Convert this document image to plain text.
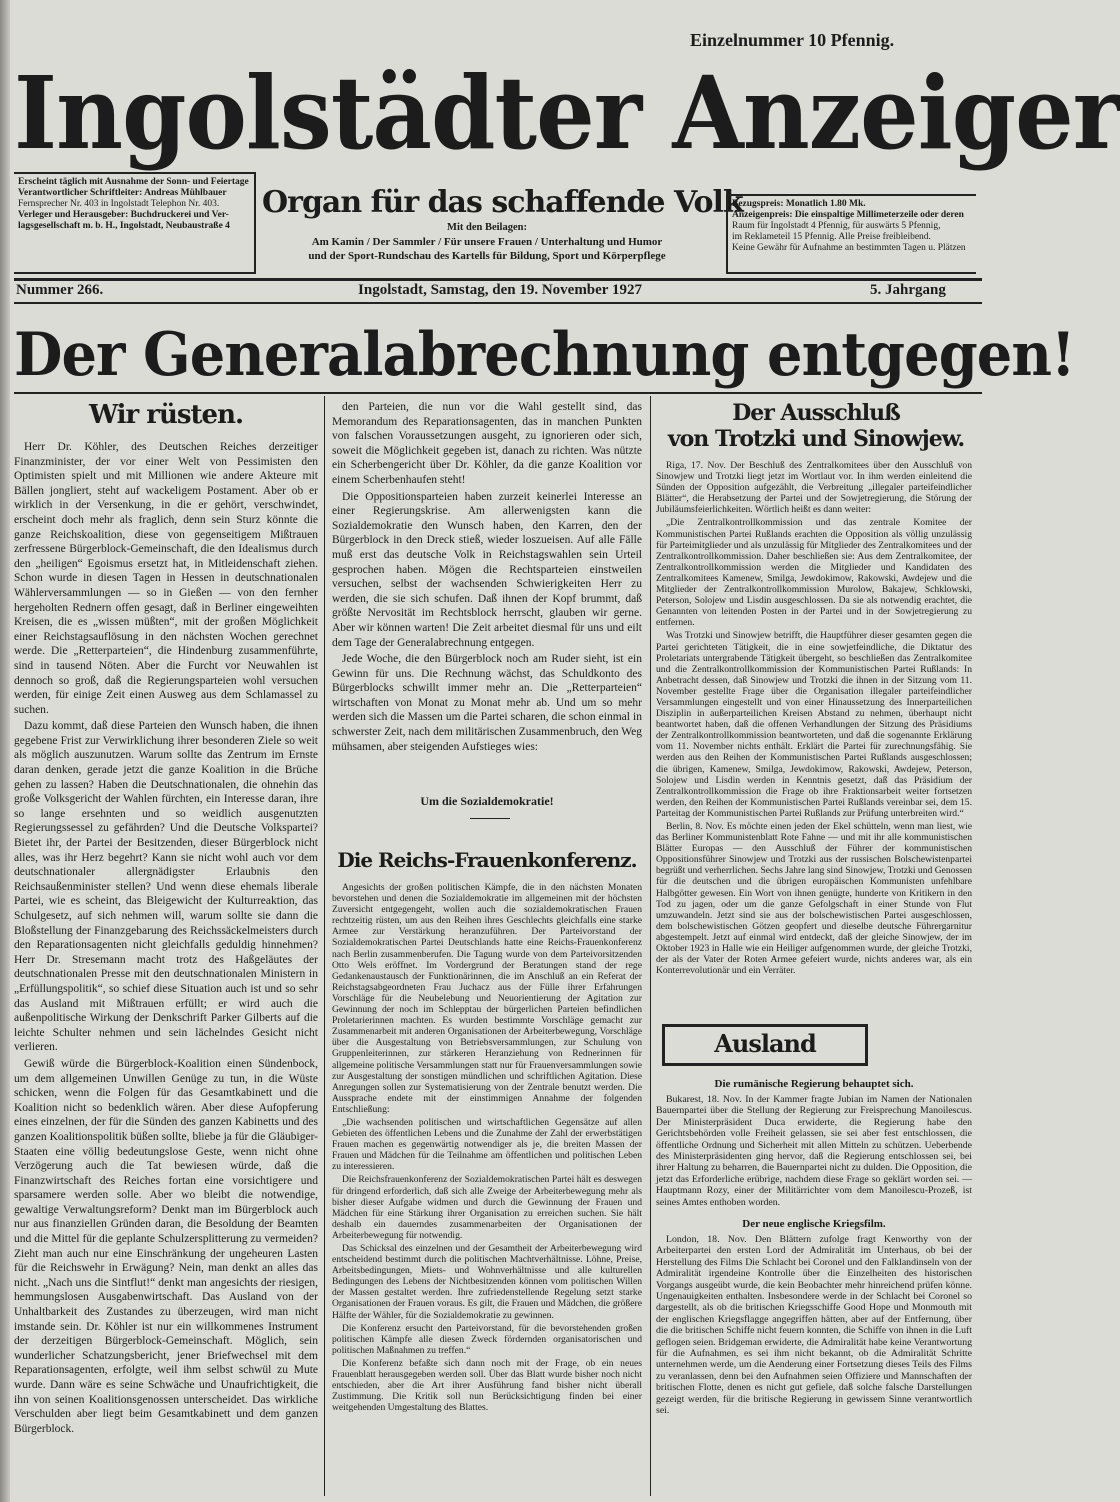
Einzelnummer 10 Pfennig.
Ingolstädter Anzeiger
Erscheint täglich mit Ausnahme der Sonn- und Feiertage
Verantwortlicher Schriftleiter: Andreas Mühlbauer
Fernsprecher Nr. 403 in Ingolstadt Telephon Nr. 403.
Verleger und Herausgeber: Buchdruckerei und Ver-
lagsgesellschaft m. b. H., Ingolstadt, Neubaustraße 4
Organ für das schaffende Volk
Mit den Beilagen:
Am Kamin / Der Sammler / Für unsere Frauen / Unterhaltung und Humor
und der Sport-Rundschau des Kartells für Bildung, Sport und Körperpflege
Bezugspreis: Monatlich 1.80 Mk.
Anzeigenpreis: Die einspaltige Millimeterzeile oder deren
Raum für Ingolstadt 4 Pfennig, für auswärts 5 Pfennig,
im Reklameteil 15 Pfennig. Alle Preise freibleibend.
Keine Gewähr für Aufnahme an bestimmten Tagen u. Plätzen
Nummer 266.	Ingolstadt, Samstag, den 19. November 1927	5. Jahrgang
Der Generalabrechnung entgegen!
Wir rüsten.

Herr Dr. Köhler, des Deutschen Reiches derzeitiger Finanzminister, der vor einer Welt von Pessimisten den Optimisten spielt und mit Millionen wie andere Akteure mit Bällen jongliert, steht auf wackeligem Postament. Aber ob er wirklich in der Versenkung, in die er gehört, verschwindet, erscheint doch mehr als fraglich, denn sein Sturz könnte die ganze Reichskoalition, diese von gegenseitigem Mißtrauen zerfressene Bürgerblock-Gemeinschaft, die den Idealismus durch den „heiligen“ Egoismus ersetzt hat, in Mitleidenschaft ziehen. Schon wurde in diesen Tagen in Hessen in deutschnationalen Wählerversammlungen — so in Gießen — von den fernher hergeholten Rednern offen gesagt, daß in Berliner eingeweihten Kreisen, die es „wissen müßten“, mit der großen Möglichkeit einer Reichstagsauflösung in den nächsten Wochen gerechnet werde. Die „Retterparteien“, die Hindenburg zusammenführte, sind in tausend Nöten. Aber die Furcht vor Neuwahlen ist dennoch so groß, daß die Regierungsparteien wohl versuchen werden, für einige Zeit einen Ausweg aus dem Schlamassel zu suchen.

Dazu kommt, daß diese Parteien den Wunsch haben, die ihnen gegebene Frist zur Verwirklichung ihrer besonderen Ziele so weit als möglich auszunutzen. Warum sollte das Zentrum im Ernste daran denken, gerade jetzt die ganze Koalition in die Brüche gehen zu lassen? Haben die Deutschnationalen, die ohnehin das große Volksgericht der Wahlen fürchten, ein Interesse daran, ihre so lange ersehnten und so weidlich ausgenutzten Regierungssessel zu gefährden? Und die Deutsche Volkspartei? Bietet ihr, der Partei der Besitzenden, dieser Bürgerblock nicht alles, was ihr Herz begehrt? Kann sie nicht wohl auch vor dem deutschnationaler allergnädigster Erlaubnis den Reichsaußenminister stellen? Und wenn diese ehemals liberale Partei, wie es scheint, das Bleigewicht der Kulturreaktion, das Schulgesetz, auf sich nehmen will, warum sollte sie dann die Bloßstellung der Finanzgebarung des Reichssäckelmeisters durch den Reparationsagenten nicht gleichfalls geduldig hinnehmen? Herr Dr. Stresemann macht trotz des Haßgeläutes der deutschnationalen Presse mit den deutschnationalen Ministern in „Erfüllungspolitik“, so schief diese Situation auch ist und so sehr das Ausland mit Mißtrauen erfüllt; er wird auch die außenpolitische Wirkung der Denkschrift Parker Gilberts auf die leichte Schulter nehmen und sein lächelndes Gesicht nicht verlieren.

Gewiß würde die Bürgerblock-Koalition einen Sündenbock, um dem allgemeinen Unwillen Genüge zu tun, in die Wüste schicken, wenn die Folgen für das Gesamtkabinett und die Koalition nicht so bedenklich wären. Aber diese Aufopferung eines einzelnen, der für die Sünden des ganzen Kabinetts und des ganzen Koalitionspolitik büßen sollte, bliebe ja für die Gläubiger-Staaten eine völlig bedeutungslose Geste, wenn nicht ohne Verzögerung auch die Tat bewiesen würde, daß die Finanzwirtschaft des Reiches fortan eine vorsichtigere und sparsamere werden solle. Aber wo bleibt die notwendige, gewaltige Verwaltungsreform? Denkt man im Bürgerblock auch nur aus finanziellen Gründen daran, die Besoldung der Beamten und die Mittel für die geplante Schulzersplitterung zu vermeiden? Zieht man auch nur eine Einschränkung der ungeheuren Lasten für die Reichswehr in Erwägung? Nein, man denkt an alles das nicht. „Nach uns die Sintflut!“ denkt man angesichts der riesigen, hemmungslosen Ausgabenwirtschaft. Das Ausland von der Unhaltbarkeit des Zustandes zu überzeugen, wird man nicht imstande sein. Dr. Köhler ist nur ein willkommenes Instrument der derzeitigen Bürgerblock-Gemeinschaft. Möglich, sein wunderlicher Schatzungsbericht, jener Briefwechsel mit dem Reparationsagenten, erfolgte, weil ihm selbst schwül zu Mute wurde. Dann wäre es seine Schwäche und Unaufrichtigkeit, die ihn von seinen Koalitionsgenossen unterscheidet. Das wirkliche Verschulden aber liegt beim Gesamtkabinett und dem ganzen Bürgerblock.

den Parteien, die nun vor die Wahl gestellt sind, das Memorandum des Reparationsagenten, das in manchen Punkten von falschen Voraussetzungen ausgeht, zu ignorieren oder sich, soweit die Möglichkeit gegeben ist, danach zu richten. Was nützte ein Scherbengericht über Dr. Köhler, da die ganze Koalition vor einem Scherbenhaufen steht!

Die Oppositionsparteien haben zurzeit keinerlei Interesse an einer Regierungskrise. Am allerwenigsten kann die Sozialdemokratie den Wunsch haben, den Karren, den der Bürgerblock in den Dreck stieß, wieder loszueisen. Auf alle Fälle muß erst das deutsche Volk in Reichstagswahlen sein Urteil gesprochen haben. Mögen die Rechtsparteien einstweilen versuchen, selbst der wachsenden Schwierigkeiten Herr zu werden, die sie sich schufen. Daß ihnen der Kopf brummt, daß größte Nervosität im Rechtsblock herrscht, glauben wir gerne. Aber wir können warten! Die Zeit arbeitet diesmal für uns und eilt dem Tage der Generalabrechnung entgegen.

Jede Woche, die den Bürgerblock noch am Ruder sieht, ist ein Gewinn für uns. Die Rechnung wächst, das Schuldkonto des Bürgerblocks schwillt immer mehr an. Die „Retterparteien“ wirtschaften von Monat zu Monat mehr ab. Und um so mehr werden sich die Massen um die Partei scharen, die schon einmal in schwerster Zeit, nach dem militärischen Zusammenbruch, den Weg mühsamen, aber steigenden Aufstieges wies:

Um die Sozialdemokratie!
Die Reichs-Frauenkonferenz.

Angesichts der großen politischen Kämpfe, die in den nächsten Monaten bevorstehen und denen die Sozialdemokratie im allgemeinen mit der höchsten Zuversicht entgegengeht, wollen auch die sozialdemokratischen Frauen rechtzeitig rüsten, um aus den Reihen ihres Geschlechts gleichfalls eine starke Armee zur Verstärkung heranzuführen. Der Parteivorstand der Sozialdemokratischen Partei Deutschlands hatte eine Reichs-Frauenkonferenz nach Berlin zusammenberufen. Die Tagung wurde von dem Parteivorsitzenden Otto Wels eröffnet. Im Vordergrund der Beratungen stand der rege Gedankenaustausch der Funktionärinnen, die im Anschluß an ein Referat der Reichstagsabgeordneten Frau Juchacz aus der Fülle ihrer Erfahrungen Vorschläge für die Neubelebung und Neuorientierung der Agitation zur Gewinnung der noch im Schlepptau der bürgerlichen Parteien befindlichen Proletarierinnen machten. Es wurden bestimmte Vorschläge gemacht zur Zusammenarbeit mit anderen Organisationen der Arbeiterbewegung, Vorschläge über die Ausgestaltung von Betriebsversammlungen, zur Schulung von Gruppenleiterinnen, zur stärkeren Heranziehung von Rednerinnen für allgemeine politische Versammlungen statt nur für Frauenversammlungen sowie zur Ausgestaltung der sonstigen mündlichen und schriftlichen Agitation. Diese Anregungen sollen zur Systematisierung von der Zentrale benutzt werden. Die Aussprache endete mit der einstimmigen Annahme der folgenden Entschließung:

„Die wachsenden politischen und wirtschaftlichen Gegensätze auf allen Gebieten des öffentlichen Lebens und die Zunahme der Zahl der erwerbstätigen Frauen machen es gegenwärtig notwendiger als je, die breiten Massen der Frauen und Mädchen für die Teilnahme am öffentlichen und politischen Leben zu interessieren.

Die Reichsfrauenkonferenz der Sozialdemokratischen Partei hält es deswegen für dringend erforderlich, daß sich alle Zweige der Arbeiterbewegung mehr als bisher dieser Aufgabe widmen und durch die Gewinnung der Frauen und Mädchen für eine Stärkung ihrer Organisation zu erreichen suchen. Sie hält deshalb ein dauerndes zusammenarbeiten der Organisationen der Arbeiterbewegung für notwendig.

Das Schicksal des einzelnen und der Gesamtheit der Arbeiterbewegung wird entscheidend bestimmt durch die politischen Machtverhältnisse. Löhne, Preise, Arbeitsbedingungen, Miets- und Wohnverhältnisse und alle kulturellen Bedingungen des Lebens der Nichtbesitzenden können vom politischen Willen der Massen gestaltet werden. Ihre zufriedenstellende Regelung setzt starke Organisationen der Frauen voraus. Es gilt, die Frauen und Mädchen, die größere Hälfte der Wähler, für die Sozialdemokratie zu gewinnen.

Die Konferenz ersucht den Parteivorstand, für die bevorstehenden großen politischen Kämpfe alle diesen Zweck fördernden organisatorischen und politischen Maßnahmen zu treffen.“

Die Konferenz befaßte sich dann noch mit der Frage, ob ein neues Frauenblatt herausgegeben werden soll. Über das Blatt wurde bisher noch nicht entschieden, aber die Art ihrer Ausführung fand bisher nicht überall Zustimmung. Die Kritik soll nun Berücksichtigung finden bei einer weitgehenden Umgestaltung des Blattes.

Der Ausschluß
von Trotzki und Sinowjew.

Riga, 17. Nov. Der Beschluß des Zentralkomitees über den Ausschluß von Sinowjew und Trotzki liegt jetzt im Wortlaut vor. In ihm werden einleitend die Sünden der Opposition aufgezählt, die Verbreitung „illegaler parteifeindlicher Blätter“, die Herabsetzung der Partei und der Sowjetregierung, die Störung der Jubiläumsfeierlichkeiten. Wörtlich heißt es dann weiter:

„Die Zentralkontrollkommission und das zentrale Komitee der Kommunistischen Partei Rußlands erachten die Opposition als völlig unzulässig für Parteimitglieder und als unzulässig für Mitglieder des Zentralkomitees und der Zentralkontrollkommission. Daher beschließen sie: Aus dem Zentralkomitee, der Zentralkontrollkommission werden die Mitglieder und Kandidaten des Zentralkomitees Kamenew, Smilga, Jewdokimow, Rakowski, Awdejew und die Mitglieder der Zentralkontrollkommission Murolow, Bakajew, Schklowski, Peterson, Solojew und Lisdin ausgeschlossen. Da sie als notwendig erachtet, die Genannten von leitenden Posten in der Partei und in der Sowjetregierung zu entfernen.

Was Trotzki und Sinowjew betrifft, die Hauptführer dieser gesamten gegen die Partei gerichteten Tätigkeit, die in eine sowjetfeindliche, die Diktatur des Proletariats untergrabende Tätigkeit übergeht, so beschließen das Zentralkomitee und die Zentralkontrollkommission der Kommunistischen Partei Rußlands: In Anbetracht dessen, daß Sinowjew und Trotzki die ihnen in der Sitzung vom 11. November gestellte Frage über die Organisation illegaler parteifeindlicher Versammlungen eingestellt und von einer Hinaussetzung des Innerparteilichen Disziplin in außerparteilichen Kreisen Abstand zu nehmen, überhaupt nicht beantwortet haben, daß die offenen Verhandlungen der Sitzung des Präsidiums der Zentralkontrollkommission beantworteten, und daß die sogenannte Erklärung vom 11. November nichts enthält. Erklärt die Partei für zurechnungsfähig. Sie werden aus den Reihen der Kommunistischen Partei Rußlands ausgeschlossen; die übrigen, Kamenew, Smilga, Jewdokimow, Rakowski, Awdejew, Peterson, Solojew und Lisdin werden in Kenntnis gesetzt, daß das Präsidium der Zentralkontrollkommission die Frage ob ihre Fraktionsarbeit weiter fortsetzen werden, den Reihen der Kommunistischen Partei Rußlands vereinbar sei, dem 15. Parteitag der Kommunistischen Partei Rußlands zur Prüfung unterbreiten wird.“

Berlin, 8. Nov. Es möchte einen jeden der Ekel schütteln, wenn man liest, wie das Berliner Kommunistenblatt Rote Fahne — und mit ihr alle kommunistischen Blätter Europas — den Ausschluß der Führer der kommunistischen Oppositionsführer Sinowjew und Trotzki aus der russischen Bolschewistenpartei begrüßt und verherrlichen. Sechs Jahre lang sind Sinowjew, Trotzki und Genossen für die deutschen und die übrigen europäischen Kommunisten unfehlbare Halbgötter gewesen. Ein Wort von ihnen genügte, hunderte von Kritikern in den Tod zu jagen, oder um die ganze Gefolgschaft in einer Stunde von Flut umzuwandeln. Jetzt sind sie aus der bolschewistischen Partei ausgeschlossen, dem bolschewistischen Götzen geopfert und dieselbe deutsche Führergarnitur abgestempelt. Jetzt auf einmal wird entdeckt, daß der gleiche Sinowjew, der im Oktober 1923 in Halle wie ein Heiliger aufgenommen wurde, der gleiche Trotzki, der als der Vater der Roten Armee gefeiert wurde, nichts anderes war, als ein Konterrevolutionär und ein Verräter.

Ausland
Die rumänische Regierung behauptet sich.

Bukarest, 18. Nov. In der Kammer fragte Jubian im Namen der Nationalen Bauernpartei über die Stellung der Regierung zur Freisprechung Manoilescus. Der Ministerpräsident Duca erwiderte, die Regierung habe den Gerichtsbehörden volle Freiheit gelassen, sie sei aber fest entschlossen, die öffentliche Ordnung und Sicherheit mit allen Mitteln zu schützen. Ueberbende des Ministerpräsidenten ging hervor, daß die Regierung entschlossen sei, bei ihrer Haltung zu beharren, die Bauernpartei nicht zu dulden. Die Opposition, die jetzt das Erforderliche erübrige, nachdem diese Frage so geklärt worden sei. — Hauptmann Rozy, einer der Militärrichter vom dem Manoilescu-Prozeß, ist seines Amtes enthoben worden.

Der neue englische Kriegsfilm.

London, 18. Nov. Den Blättern zufolge fragt Kenworthy von der Arbeiterpartei den ersten Lord der Admiralität im Unterhaus, ob bei der Herstellung des Films Die Schlacht bei Coronel und den Falklandinseln von der Admiralität irgendeine Kontrolle über die Einzelheiten des historischen Vorgangs ausgeübt wurde, die kein Beobachter mehr hinreichend prüfen könne. Ungenauigkeiten enthalten. Insbesondere werde in der Schlacht bei Coronel so dargestellt, als ob die britischen Kriegsschiffe Good Hope und Monmouth mit der englischen Kriegsflagge angegriffen hätten, aber auf der Entfernung, über die die britischen Schiffe nicht feuern konnten, die Schiffe von ihnen in die Luft geflogen seien. Bridgeman erwiderte, die Admiralität habe keine Verantwortung für die Aufnahmen, es sei ihm nicht bekannt, ob die Admiralität Schritte unternehmen werde, um die Aenderung einer Fortsetzung dieses Teils des Films zu veranlassen, denn bei den Aufnahmen seien Offiziere und Mannschaften der britischen Flotte, denen es nicht gut gefiele, daß solche falsche Darstellungen gezeigt werden, für die britische Regierung in gewissem Sinne verantwortlich sei.
